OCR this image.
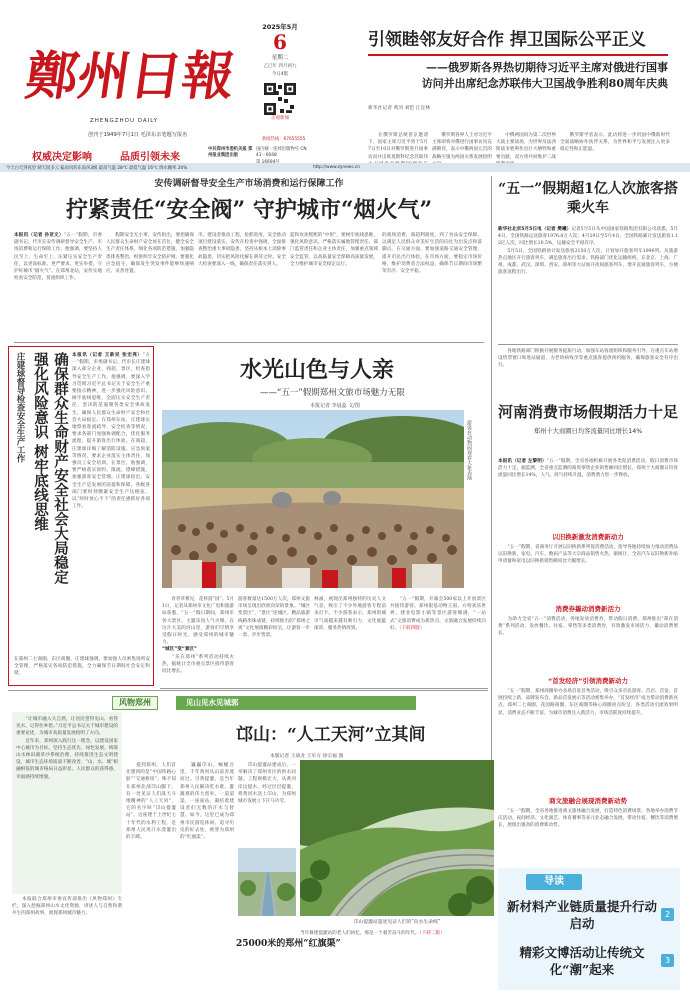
鄭州日報
ZHENGZHOU DAILY
创刊于1949年7月1日 毛泽东亲笔题写报名
权威决定影响	品质引领未来
中共郑州市委机关报 郑州报业集团出版
国内统一连续出版物号 CN 41－0048
2025年5月
6
星期二
乙巳年 四月初九
今日4版
正观新闻
新闻热线：67655555
引领睦邻友好合作 捍卫国际公平正义
——俄罗斯各界热切期待习近平主席对俄进行国事
访问并出席纪念苏联伟大卫国战争胜利80周年庆典
新华社记者 黄河 刘恺 江宜林
　　在俄罗斯总统普京邀请下，国家主席习近平将于5月7日至10日对俄罗斯进行国事访问并出席莫斯科纪念苏联伟
　　俄罗斯各界人士对习近平主席即将对俄进行国事访问充满期待，表示中俄两国元首的战略引领为两国关系发展指明
　　中俄两国同为第二次世界大战主要战场，为世界反法西斯战争胜利作出巨大牺牲和重要贡献，双方将共同维护二战
　　俄罗斯学者表示，此访将进一步巩固中俄新时代全面战略协作伙伴关系，为世界和平与发展注入更多稳定性和正能量。
今天白天到夜里 晴天间多云 偏南风转东南风3级 最高气温 28℃ 最低气温 16℃ 降水概率 20%	http://www.zynews.cn
安传调研督导安全生产市场消费和运行保障工作
拧紧责任“安全阀” 守护城市“烟火气”
本报讯（记者 孙亚文）“五一”假期，市委副书记、代市长安传调研督导安全生产、市场消费和运行保障工作。他强调，要坚持人民至上、生命至上，压紧压实安全生产责任，以更高标准、更严要求、更实举措，守护好城市“烟火气”。在郑州北站，安传实地检查安全防范、客流组织工作。
　　假期安全无小事。安传指出，要把确保人民群众生命财产安全放在首位，健全安全生产责任体系，细化各项防范措施，加强隐患排查整治，织密织牢安全防护网。要强化应急值守，确保发生突发事件能够快速响应、妥善处置。
市。建设者推动工程，抢抓进度，安全推动项目建设落实，安传在检查中强调，全面排查整治重大事故隐患，坚持从根本上消除事故隐患，切实把风险化解在萌芽之时。安全大检查要深入一线，确保责任落实到人。
蓝和欢欢熙熙的“中原”，要树牢底线思维，强化风险意识，严格落实属地管理责任、部门监管责任和企业主体责任，加强重点领域安全监管，以高质量安全保障高质量发展，全力维护城市安全稳定运行。
的商场消费，商超利润度，到了食品安全保障、以满足人民群众对美好生活的向往为出发点和落脚点。在交通方面，要加强道路交通安全管理，提升市民出行体验。在市场方面，要稳定市场价格，维护消费者合法权益，确保节日期间市场繁荣有序、安全平稳。
确保群众生命财产安全社会大局稳定
强化风险意识 树牢底线思维
庄建球督导检查安全生产工作	本报讯（记者 王新吴 张宏亮）“五一”假期，市委副书记、代市长庄建球深入部分企业、商超、景区，检查指导安全生产工作。他强调，要深入学习贯彻习近平总书记关于安全生产重要指示精神，进一步强化风险意识、树牢底线思维，全面压实安全生产责任，坚决防范遏制各类安全事故发生，确保人民群众生命财产安全和社会大局稳定。在郑州东站，庄建球实地察看客流疏导、安全检查等情况，要求各部门加强协调配合，优化服务流程，提升旅客出行体验。在商超，庄建球详细了解消防设施、应急预案等情况，要求企业落实主体责任，加强员工安全培训。在景区，他强调，要严格落实预约、限流、错峰措施，加强游客安全管理。庄建球指出，安全生产是发展的前提和保障，各级各部门要时刻绷紧安全生产这根弦，以“时时放心不下”的责任感抓好各项工作。
在郑州二七商圈、东区商圈，庄建球强调，要加强人员密集场所安全管理，严格落实各项防范措施，全力确保节日期间社会安定和谐。
水光山色与人亲
——“五一”假期郑州文旅市场魅力无限
本报记者 李晨蕊 文/图
游客在动物园观看大象表演
　　青青草雾见，花样游“园”。5月1日，记者从郑州市文化广电和旅游局获悉，“五一”假日期间，郑州市各大景区、主题乐园人气火爆。在这片大美的河山里，游客们尽情享受假日时光，感受郑州的城市魅力。
“城区”变“景区”
　　“乐在郑州”系列活动持续火热，据统计全市重点景区接待游客同比增长。
游客数量达1500万人次，郑州文旅市场呈现出欣欣向荣的景象。“城区变景区”，“景区”连城区。精品旅游线路串珠成链，持续推出的“郑州之夜”文化展演精彩纷呈，让游客一步一景、步步皆景。
林画，展现出郑州独特的历史人文气息，吸引了不少外地游客专程前来打卡。不少游客表示，郑州的城市气质越来越有吸引力，文化底蕴深厚，服务热情周到。
　　“五一”假期，开幕会500家以上开放景区共接待游客。郑州银基动物王国、方特欢乐世界、建业电影小镇等景区游客爆满，“一站式”文旅消费成为新热点，文旅融合发展持续向好。（下转四版）
“五一”假期超1亿人次旅客搭乘火车
新华社北京5月5日电（记者 樊曦）记者5月5日从中国国家铁路集团有限公司获悉，5月4日，全国铁路运送旅客1976.8万人次；4月29日至5月4日，全国铁路累计发送旅客1.12亿人次，同比增长10.5%，运输安全平稳有序。
　　5月5日，全国铁路预计发送旅客2150万人次，计划加开旅客列车1996列。从旅游热点地区开行旅客列车，满足旅客出行需求。铁路部门优化运输组织，在北京、上海、广州、成都、武汉、深圳、西安、郑州等大站加开夜间旅客列车，增开直通旅客列车，方便旅客返程出行。
　　各地铁路部门积极开展服务提质行动，加强车站客流组织和服务引导，在重点车站增设售票窗口和进站通道，为老幼病残孕等重点旅客提供预约服务，确保旅客安全有序出行。
河南消费市场假期活力十足
郑州十大商圈日均客流量同比增长14%
本报讯（记者 左黎明）“五一”假期，全省各地积极开展各类促消费活动，假日消费市场活力十足。据监测，全省重点监测的商贸零售企业销售额同比增长，郑州十大商圈日均客流量同比增长14%，人气、商气持续升温，消费潜力进一步释放。
以旧换新激发消费新动力
　　“五一”假期，省商务厅开展以旧换新系列促消费活动，指导各地持续加力推动消费品以旧换新，家电、汽车、数码产品等大宗商品销售火热。据统计，全省汽车以旧换新补贴申请量和家电以旧换新销售额同比大幅增长。
消费券撬动消费新活力
　　为助力全省“五一”消费活动，各地发放消费券，带动假日消费。郑州推出“郑在消费”系列活动，发放餐饮、住宿、零售等多类消费券，有效激发市场活力，撬动消费增长。
“首发经济”引领消费新动力
　　“五一”假期，郑州商圈举办多场首发首秀活动，吸引众多市民游客。首店、首发、首展持续上新，品牌发布会、新品首发展示等活动密集举办，“首发经济”成为带动消费新亮点。郑州二七商圈、花园路商圈、东区商圈等核心商圈亮点纷呈，各类活动引流效果明显，消费业态不断丰富，为城市消费注入新活力，市场活跃度持续提升。
商文旅融合展现消费新动势
　　“五一”假期，全省各地推进商文旅体融合发展，打造特色消费场景。各地举办消费节庆活动，夜间经济、文化演艺、体育赛事等多元业态融合发展，带动住宿、餐饮等消费增长，展现出强劲的消费新动势。
风物郑州	见山见水见城郭
邙山：“人工天河”立其间
本版记者 王战龙 王军方 徐宗福 图
　　“让城市融入大自然，让居民望得见山、看得见水、记得住乡愁。”习近平总书记关于城市建设的重要论述，为城市高质量发展指明了方向。
　　近年来，郑州深入践行这一理念，以建设国家中心城市为目标，坚持生态优先、绿色发展，统筹山水林田湖草沙系统治理，持续推进生态文明建设，城市生态环境质量不断改善，“山、水、城”相融相依的城市格局日益彰显，人民群众的获得感、幸福感持续增强。
　　本报联合郑州市委宣传部推出《风物郑州》专栏，深入挖掘郑州山水文化资源，讲述人与自然和谐共生的郑州故事，展现郑州城市魅力。
邙山提灌站遗迹见证人们的“向水生命线”
25000米的郑州“红旗渠”
　　提到郑州，人们首先想到的是“中国铁路心脏”“交通枢纽”。殊不知在郑州北部邙山脚下，有一处见证人们战天斗地精神的“人工天河”，它的名字叫“邙山提灌站”。这座建于上世纪七十年代的水利工程，是郑州人民用汗水浇灌出的丰碑。
　　巍巍邙山，蜿蜒百里，千年黄河从山前奔流而过。引黄提灌，是当年郑州人民解决吃水难、灌溉难的伟大创举。一道道渠，一座座站，凝结着建设者们无数的汗水与智慧。如今，这里已成为郑州市民游览休闲、追寻历史的好去处，被誉为郑州的“红旗渠”。
　　邙山提灌站建成后，一举解决了郑州市区的供水问题。工程规模宏大，从黄河岸边提水，经过层层提灌，将黄河水送上邙山，为郑州城市发展立下汗马功劳。
当年修建提灌站的老人们回忆，那是一个艰苦奋斗的年代。（下转二版）
导读
新材料产业链质量提升行动启动
2
精彩文博活动让传统文化“潮”起来
3
